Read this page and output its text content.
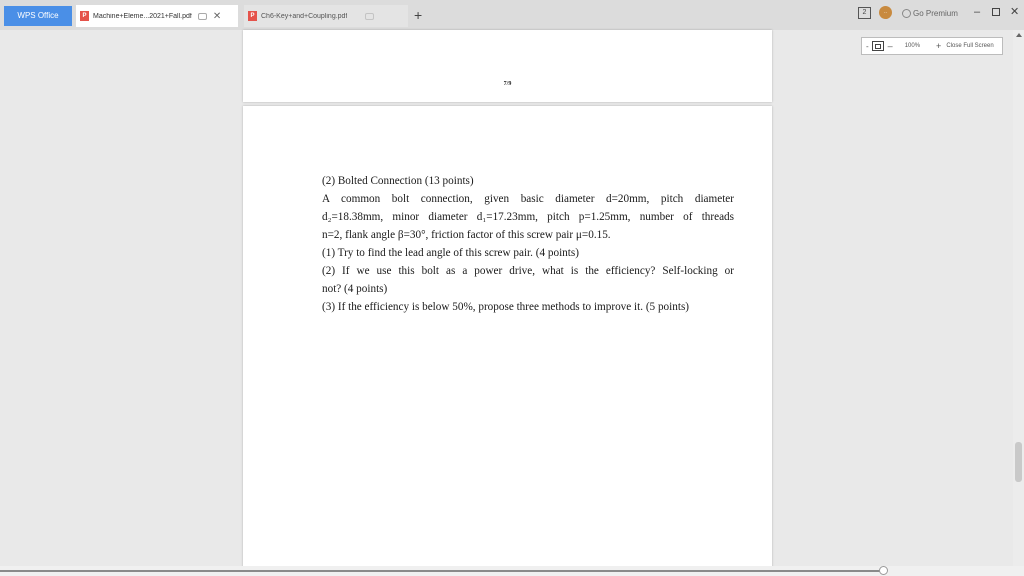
WPS Office	P Machine+Eleme...2021+Fall.pdf ✕	P Ch6-Key+and+Coupling.pdf	+	2	..	Go Premium –	✕
- – 100% + Close Full Screen
7/9

(2) Bolted Connection (13 points)

A common bolt connection, given basic diameter d=20mm, pitch diameter

d₂=18.38mm, minor diameter d₁=17.23mm, pitch p=1.25mm, number of threads

n=2, flank angle β=30°, friction factor of this screw pair μ=0.15.

(1) Try to find the lead angle of this screw pair. (4 points)

(2) If we use this bolt as a power drive, what is the efficiency? Self-locking or

not? (4 points)

(3) If the efficiency is below 50%, propose three methods to improve it. (5 points)
